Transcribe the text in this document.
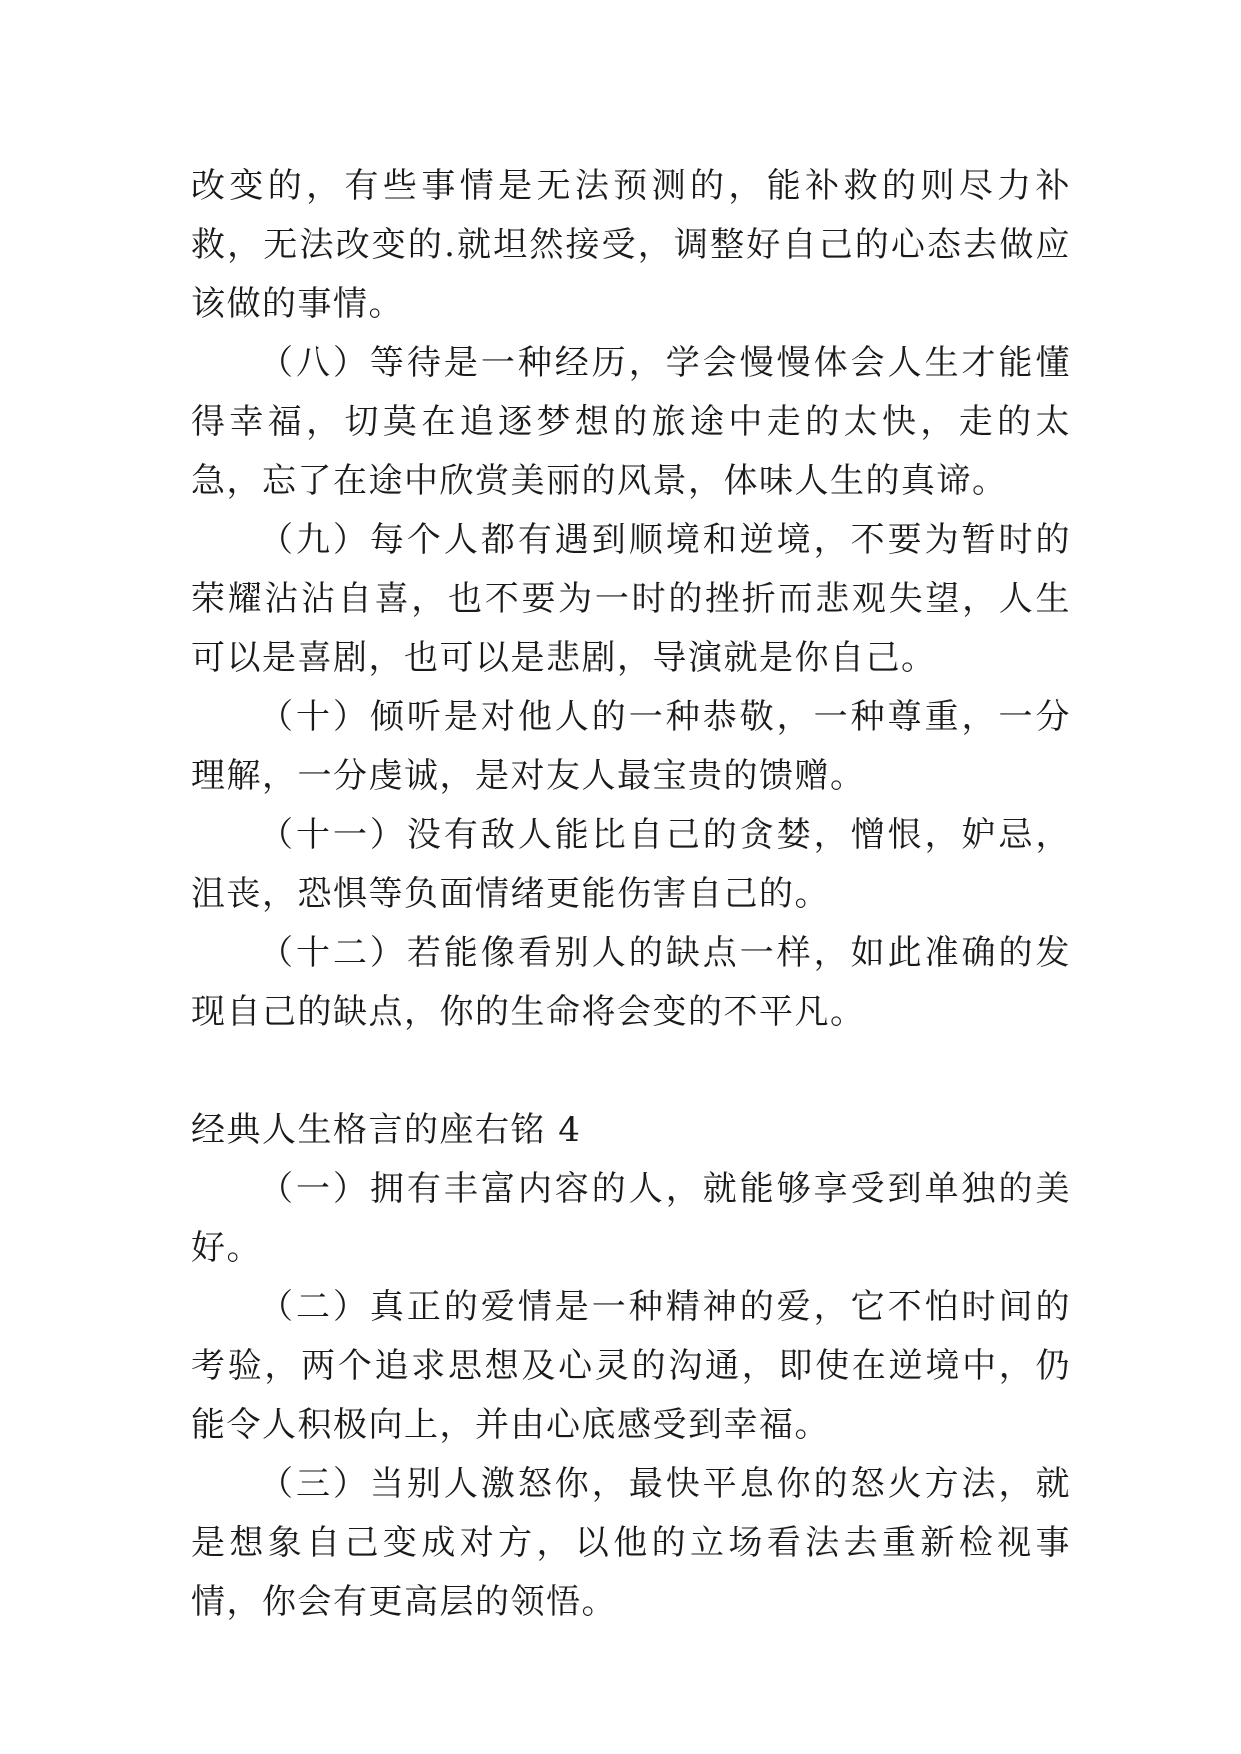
改变的，有些事情是无法预测的，能补救的则尽力补救，无法改变的.就坦然接受，调整好自己的心态去做应该做的事情。

（八）等待是一种经历，学会慢慢体会人生才能懂得幸福，切莫在追逐梦想的旅途中走的太快，走的太急，忘了在途中欣赏美丽的风景，体味人生的真谛。

（九）每个人都有遇到顺境和逆境，不要为暂时的荣耀沾沾自喜，也不要为一时的挫折而悲观失望，人生可以是喜剧，也可以是悲剧，导演就是你自己。

（十）倾听是对他人的一种恭敬，一种尊重，一分理解，一分虔诚，是对友人最宝贵的馈赠。

（十一）没有敌人能比自己的贪婪，憎恨，妒忌，沮丧，恐惧等负面情绪更能伤害自己的。

（十二）若能像看别人的缺点一样，如此准确的发现自己的缺点，你的生命将会变的不平凡。

经典人生格言的座右铭 4

（一）拥有丰富内容的人，就能够享受到单独的美好。

（二）真正的爱情是一种精神的爱，它不怕时间的考验，两个追求思想及心灵的沟通，即使在逆境中，仍能令人积极向上，并由心底感受到幸福。

（三）当别人激怒你，最快平息你的怒火方法，就是想象自己变成对方，以他的立场看法去重新检视事情，你会有更高层的领悟。
